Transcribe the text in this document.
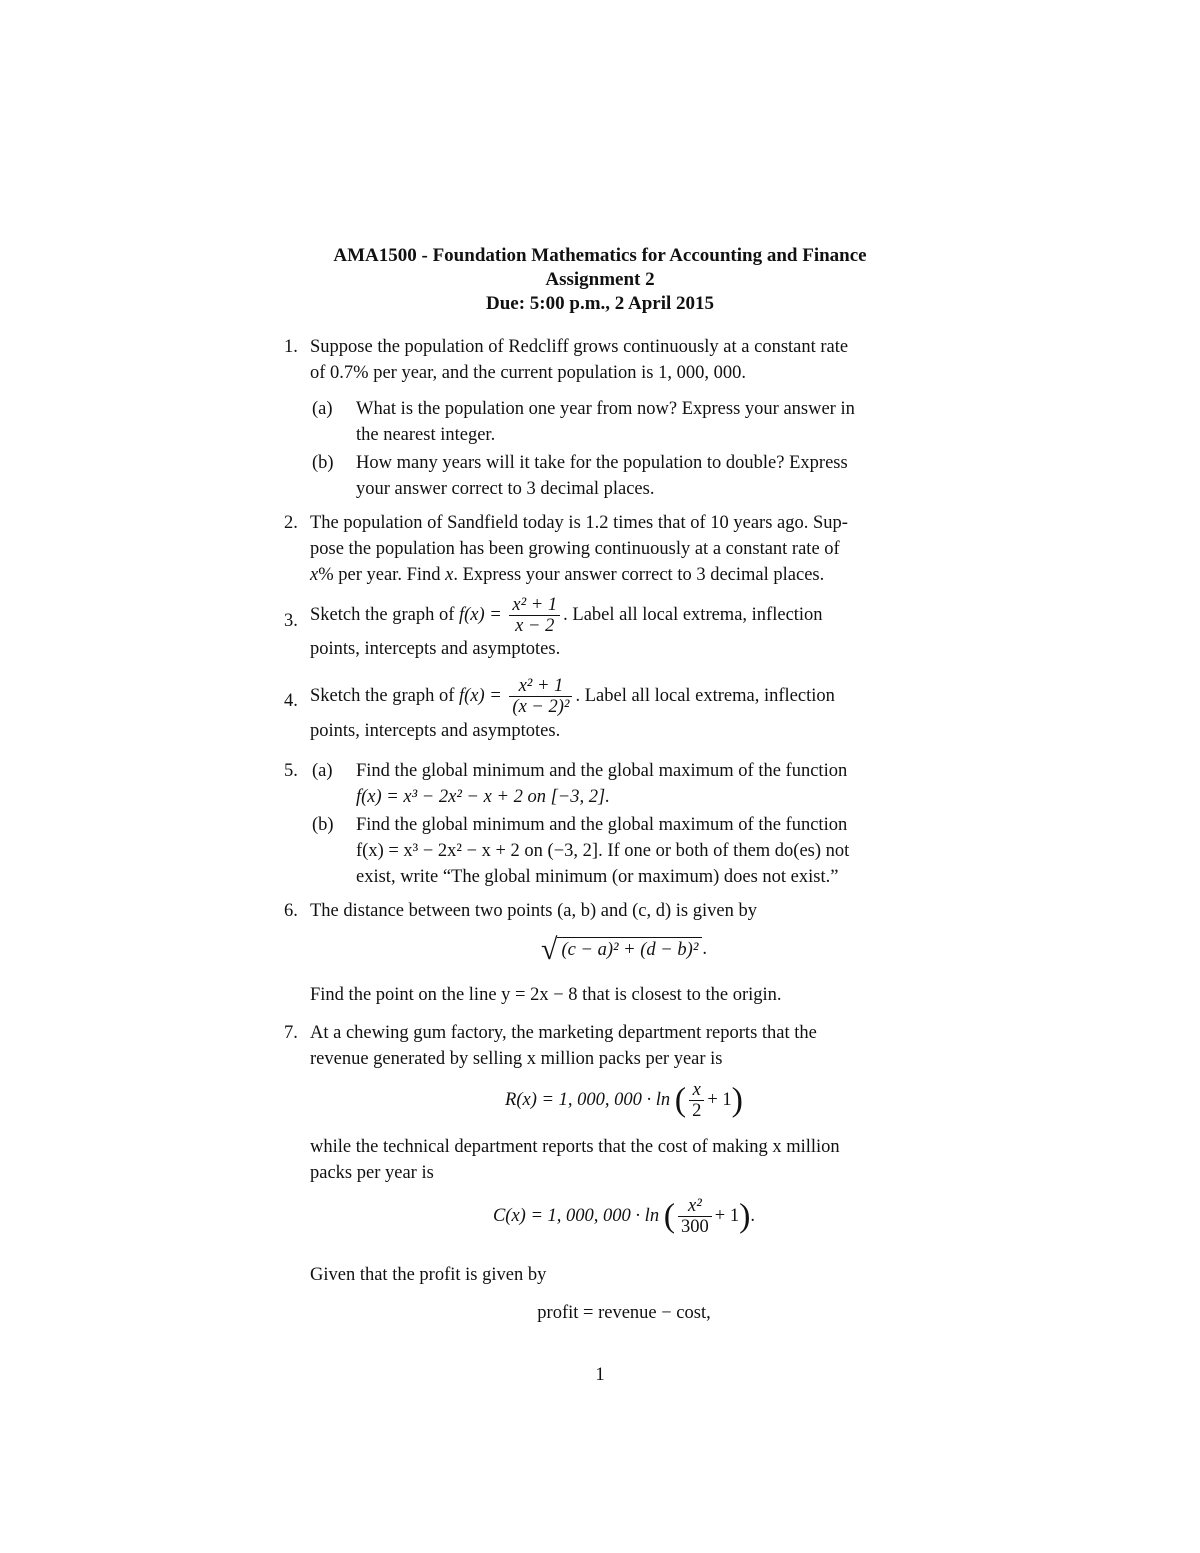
AMA1500 - Foundation Mathematics for Accounting and Finance
Assignment 2
Due: 5:00 p.m., 2 April 2015
1. Suppose the population of Redcliff grows continuously at a constant rate
of 0.7% per year, and the current population is 1, 000, 000.
(a) What is the population one year from now? Express your answer in
the nearest integer.
(b) How many years will it take for the population to double? Express
your answer correct to 3 decimal places.
2. The population of Sandfield today is 1.2 times that of 10 years ago. Sup-
pose the population has been growing continuously at a constant rate of
x% per year. Find x. Express your answer correct to 3 decimal places.
3. Sketch the graph of $f(x) = \frac{\text{x² + 1}}{x - 2}$ . Label all local extrema, inflection
points, intercepts and asymptotes.
4. Sketch the graph of $f(x) = \frac{\text{x² + 1}}{\text{(x − 2)²}}$ . Label all local extrema, inflection
points, intercepts and asymptotes.
5. (a) Find the global minimum and the global maximum of the function
f(x) = x³ − 2x² − x + 2 on [−3, 2].
(b) Find the global minimum and the global maximum of the function
f(x) = x³ − 2x² − x + 2 on (−3, 2]. If one or both of them do(es) not
exist, write “The global minimum (or maximum) does not exist.”
6. The distance between two points (a, b) and (c, d) is given by
√ (c − a)² + (d − b)² .
Find the point on the line y = 2x − 8 that is closest to the origin.
7. At a chewing gum factory, the marketing department reports that the
revenue generated by selling x million packs per year is
R(x) = 1, 000, 000 · ln ( $\frac{x}{2} + 1$)
while the technical department reports that the cost of making x million
packs per year is
C(x) = 1, 000, 000 · ln ( $\frac{\text{x²}}{300} + 1$).
Given that the profit is given by
profit = revenue − cost,
1
